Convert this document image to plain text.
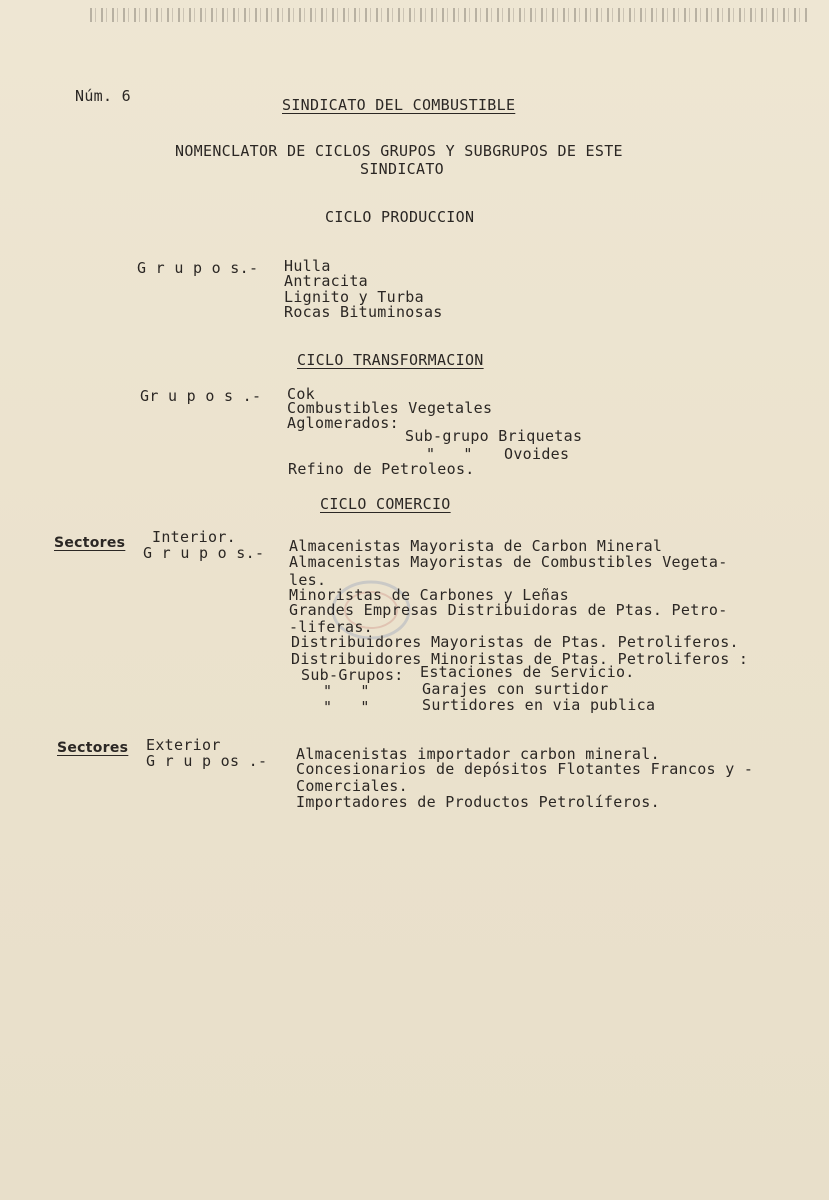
Núm. 6	SINDICATO DEL COMBUSTIBLE
NOMENCLATOR DE CICLOS GRUPOS Y SUBGRUPOS DE ESTE
SINDICATO
CICLO PRODUCCION
G r u p o s.- Hulla
Antracita
Lignito y Turba
Rocas Bituminosas
CICLO TRANSFORMACION
Gr u p o s .- Cok
Combustibles Vegetales
Aglomerados:
Sub-grupo Briquetas
"   " Ovoides
Refino de Petroleos.
CICLO COMERCIO
Sectores Interior.
G r u p o s.- Almacenistas Mayorista de Carbon Mineral
Almacenistas Mayoristas de Combustibles Vegeta-
les.
Minoristas de Carbones y Leñas
Grandes Empresas Distribuidoras de Ptas. Petro-
-liferas.
Distribuidores Mayoristas de Ptas. Petroliferos.
Distribuidores Minoristas de Ptas. Petroliferos :
Sub-Grupos: Estaciones de Servicio.
"   "	Garajes con surtidor
"   "	Surtidores en via publica
Sectores Exterior
G r u p os .- Almacenistas importador carbon mineral.
Concesionarios de depósitos Flotantes Francos y -
Comerciales.
Importadores de Productos Petrolíferos.
